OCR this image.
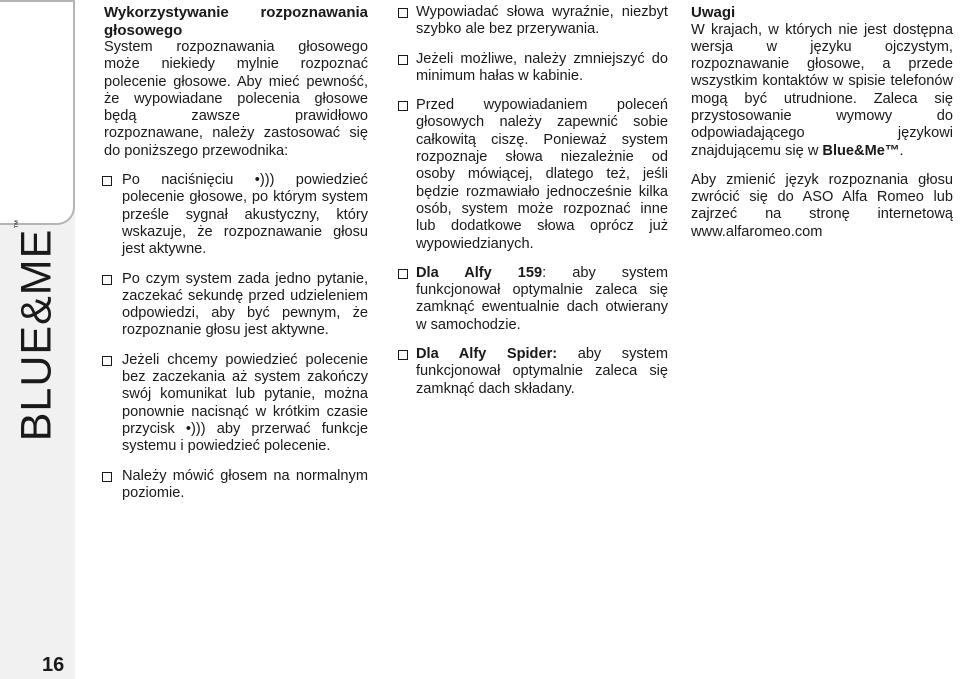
BLUE&ME™
16

Wykorzystywanie rozpoznawania głosowego

System rozpoznawania głosowego może niekiedy mylnie rozpoznać polecenie głosowe. Aby mieć pewność, że wypowiadane polecenia głosowe będą zawsze prawidłowo rozpoznawane, należy zastosować się do poniższego przewodnika:

Po naciśnięciu •))) powiedzieć polecenie głosowe, po którym system prześle sygnał akustyczny, który wskazuje, że rozpoznawanie głosu jest aktywne.

Po czym system zada jedno pytanie, zaczekać sekundę przed udzieleniem odpowiedzi, aby być pewnym, że rozpoznanie głosu jest aktywne.

Jeżeli chcemy powiedzieć polecenie bez zaczekania aż system zakończy swój komunikat lub pytanie, można ponownie nacisnąć w krótkim czasie przycisk •))) aby przerwać funkcje systemu i powiedzieć polecenie.

Należy mówić głosem na normalnym poziomie.

Wypowiadać słowa wyraźnie, niezbyt szybko ale bez przerywania.

Jeżeli możliwe, należy zmniejszyć do minimum hałas w kabinie.

Przed wypowiadaniem poleceń głosowych należy zapewnić sobie całkowitą ciszę. Ponieważ system rozpoznaje słowa niezależnie od osoby mówiącej, dlatego też, jeśli będzie rozmawiało jednocześnie kilka osób, system może rozpoznać inne lub dodatkowe słowa oprócz już wypowiedzianych.

Dla Alfy 159: aby system funkcjonował optymalnie zaleca się zamknąć ewentualnie dach otwierany w samochodzie.

Dla Alfy Spider: aby system funkcjonował optymalnie zaleca się zamknąć dach składany.

Uwagi

W krajach, w których nie jest dostępna wersja w języku ojczystym, rozpoznawanie głosowe, a przede wszystkim kontaktów w spisie telefonów mogą być utrudnione. Zaleca się przystosowanie wymowy do odpowiadającego językowi znajdującemu się w Blue&Me™.

Aby zmienić język rozpoznania głosu zwrócić się do ASO Alfa Romeo lub zajrzeć na stronę internetową www.alfaromeo.com
